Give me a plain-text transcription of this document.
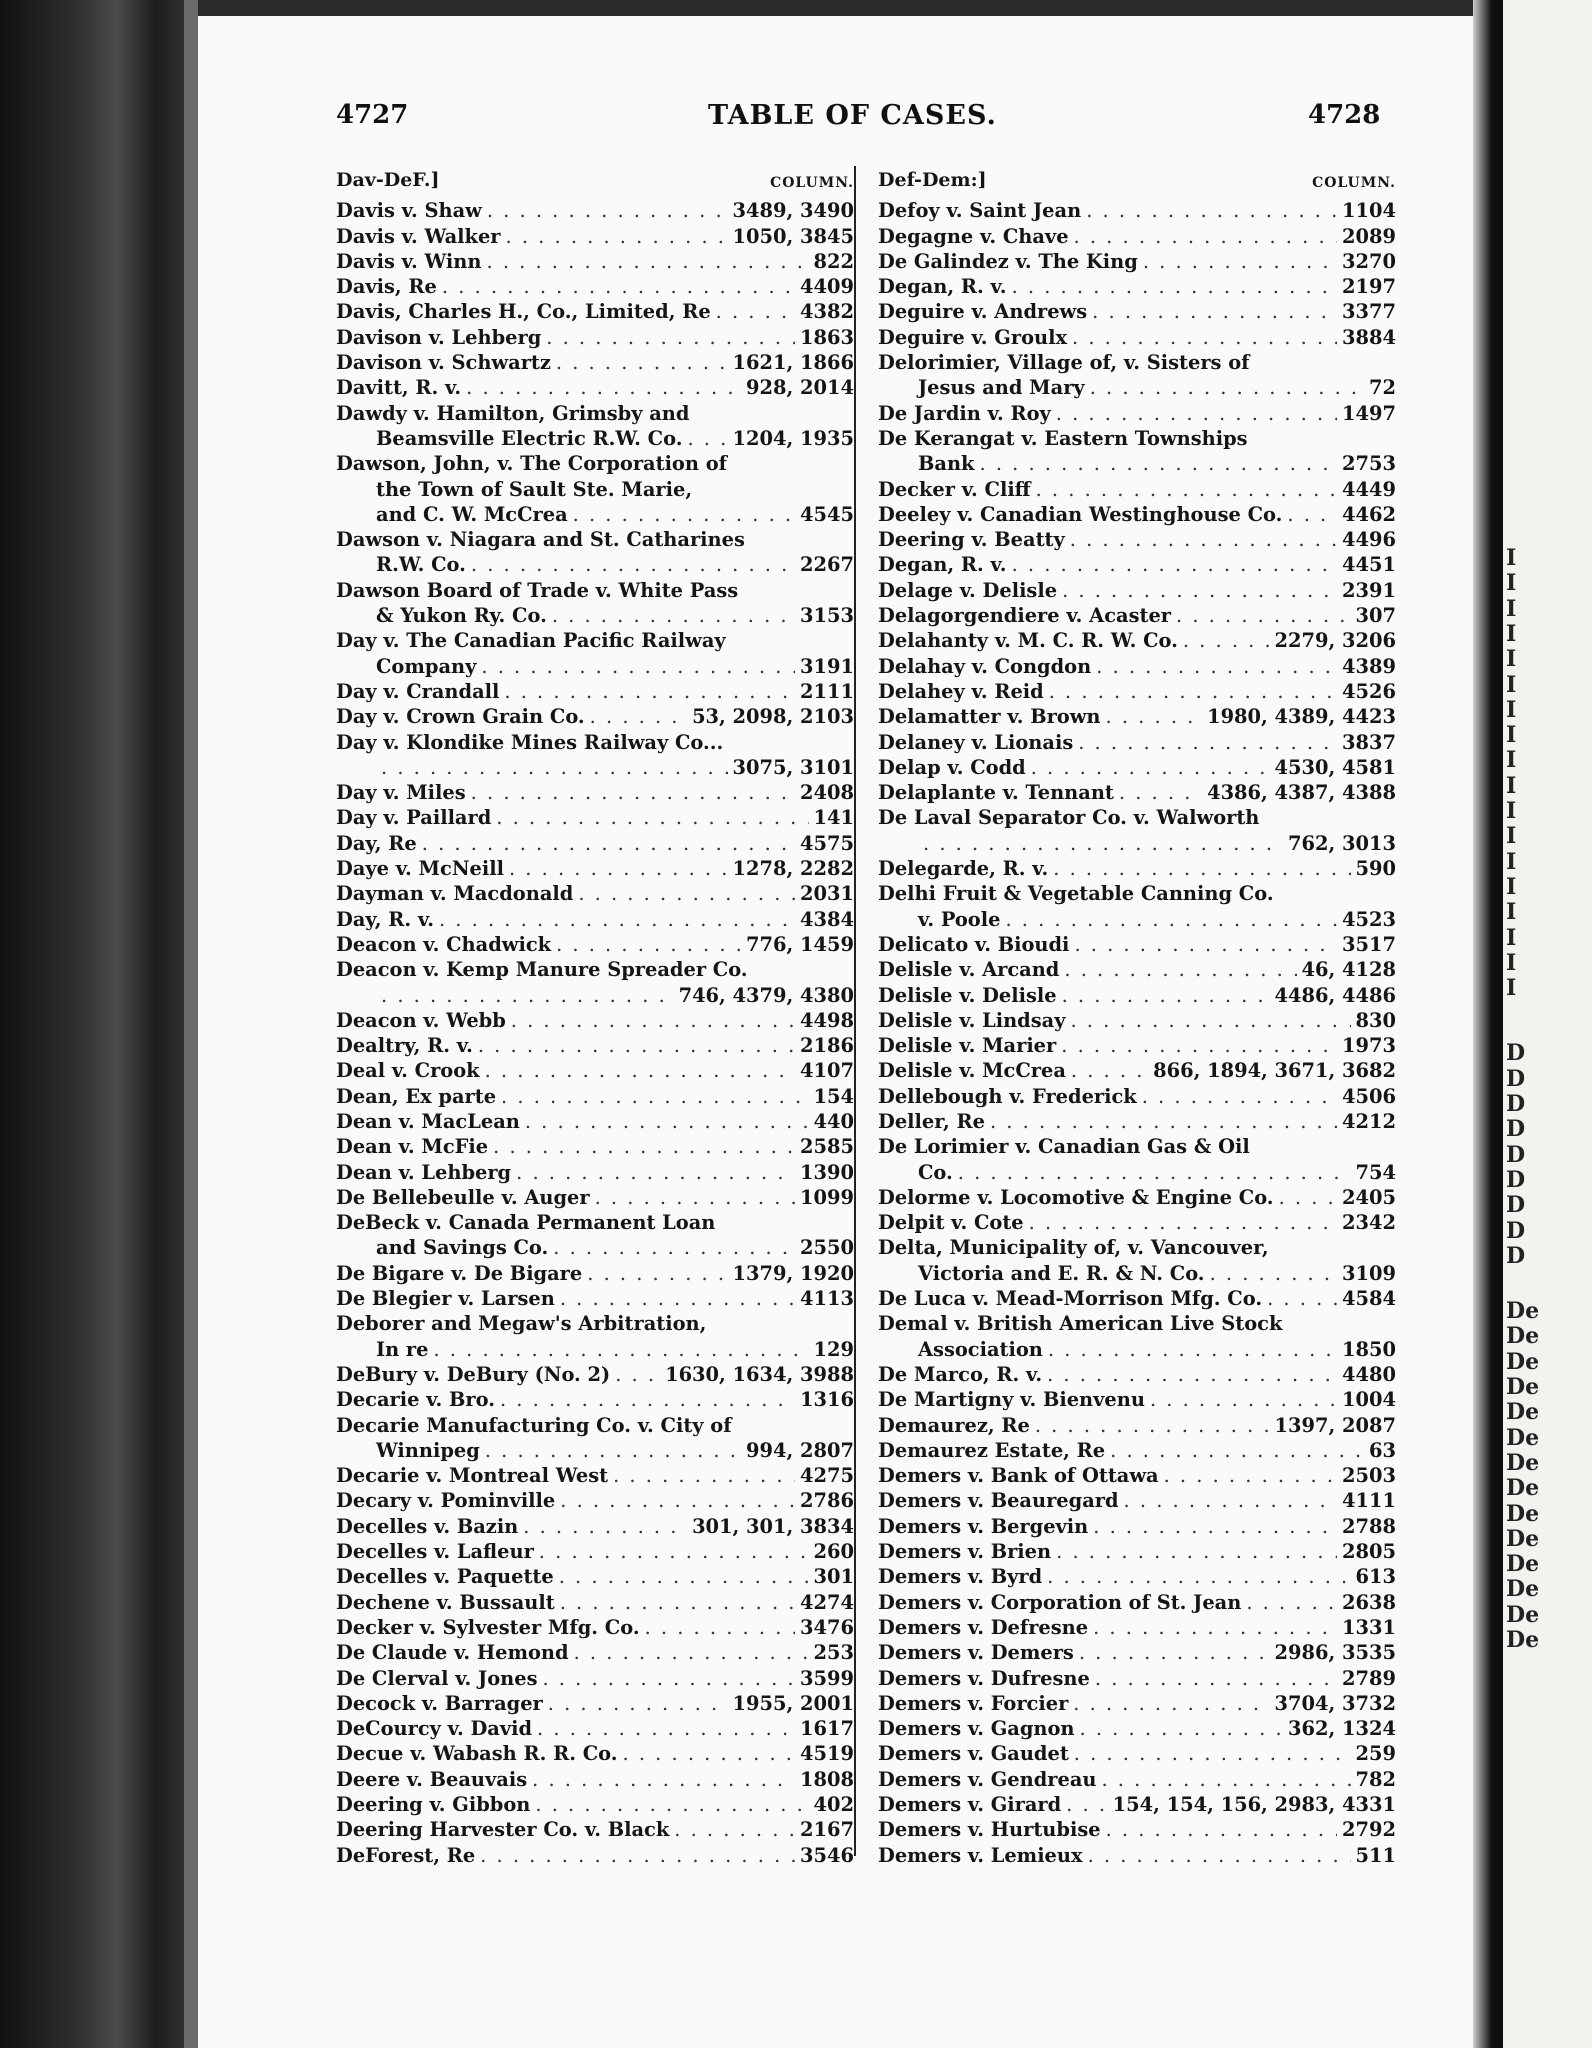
4727	TABLE OF CASES.	4728
Dav-DeF.]	COLUMN.
Davis v. Shaw . . .	3489, 3490
Davis v. Walker . . .	1050, 3845
Davis v. Winn . . .	822
Davis, Re . . .	4409
Davis, Charles H., Co., Limited, Re . . .	4382
Davison v. Lehberg . . .	1863
Davison v. Schwartz . . .	1621, 1866
Davitt, R. v. . . .	928, 2014
Dawdy v. Hamilton, Grimsby and
Beamsville Electric R.W. Co. . . .	1204, 1935
Dawson, John, v. The Corporation of
the Town of Sault Ste. Marie,
and C. W. McCrea . . .	4545
Dawson v. Niagara and St. Catharines
R.W. Co. . . .	2267
Dawson Board of Trade v. White Pass
& Yukon Ry. Co. . . .	3153
Day v. The Canadian Pacific Railway
Company . . .	3191
Day v. Crandall . . .	2111
Day v. Crown Grain Co. . . .	53, 2098, 2103
Day v. Klondike Mines Railway Co...
. . .
3075, 3101
Day v. Miles . . .	2408
Day v. Paillard . . .	141
Day, Re . . .	4575
Daye v. McNeill . . .	1278, 2282
Dayman v. Macdonald . . .	2031
Day, R. v. . . .	4384
Deacon v. Chadwick . . .	776, 1459
Deacon v. Kemp Manure Spreader Co.
. . .
746, 4379, 4380
Deacon v. Webb . . .	4498
Dealtry, R. v. . . .	2186
Deal v. Crook . . .	4107
Dean, Ex parte . . .	154
Dean v. MacLean . . .	440
Dean v. McFie . . .	2585
Dean v. Lehberg . . .	1390
De Bellebeulle v. Auger . . .	1099
DeBeck v. Canada Permanent Loan
and Savings Co. . . .	2550
De Bigare v. De Bigare . . .	1379, 1920
De Blegier v. Larsen . . .	4113
Deborer and Megaw's Arbitration,
In re . . .	129
DeBury v. DeBury (No. 2) . . .	1630, 1634, 3988
Decarie v. Bro. . . .	1316
Decarie Manufacturing Co. v. City of
Winnipeg . . .	994, 2807
Decarie v. Montreal West . . .	4275
Decary v. Pominville . . .	2786
Decelles v. Bazin . . .	301, 301, 3834
Decelles v. Lafleur . . .	260
Decelles v. Paquette . . .	301
Dechene v. Bussault . . .	4274
Decker v. Sylvester Mfg. Co. . . .	3476
De Claude v. Hemond . . .	253
De Clerval v. Jones . . .	3599
Decock v. Barrager . . .	1955, 2001
DeCourcy v. David . . .	1617
Decue v. Wabash R. R. Co. . . .	4519
Deere v. Beauvais . . .	1808
Deering v. Gibbon . . .	402
Deering Harvester Co. v. Black . . .	2167
DeForest, Re . . .	3546
Def-Dem:]	COLUMN.
Defoy v. Saint Jean . . .	1104
Degagne v. Chave . . .	2089
De Galindez v. The King . . .	3270
Degan, R. v. . . .	2197
Deguire v. Andrews . . .	3377
Deguire v. Groulx . . .	3884
Delorimier, Village of, v. Sisters of
Jesus and Mary . . .	72
De Jardin v. Roy . . .	1497
De Kerangat v. Eastern Townships
Bank . . .	2753
Decker v. Cliff . . .	4449
Deeley v. Canadian Westinghouse Co. . . .	4462
Deering v. Beatty . . .	4496
Degan, R. v. . . .	4451
Delage v. Delisle . . .	2391
Delagorgendiere v. Acaster . . .	307
Delahanty v. M. C. R. W. Co. . . .	2279, 3206
Delahay v. Congdon . . .	4389
Delahey v. Reid . . .	4526
Delamatter v. Brown . . .	1980, 4389, 4423
Delaney v. Lionais . . .	3837
Delap v. Codd . . .	4530, 4581
Delaplante v. Tennant . . .	4386, 4387, 4388
De Laval Separator Co. v. Walworth
. . .
762, 3013
Delegarde, R. v. . . .	590
Delhi Fruit & Vegetable Canning Co.
v. Poole . . .	4523
Delicato v. Bioudi . . .	3517
Delisle v. Arcand . . .	46, 4128
Delisle v. Delisle . . .	4486, 4486
Delisle v. Lindsay . . .	830
Delisle v. Marier . . .	1973
Delisle v. McCrea . . .	866, 1894, 3671, 3682
Dellebough v. Frederick . . .	4506
Deller, Re . . .	4212
De Lorimier v. Canadian Gas & Oil
Co. . . .	754
Delorme v. Locomotive & Engine Co. . . .	2405
Delpit v. Cote . . .	2342
Delta, Municipality of, v. Vancouver,
Victoria and E. R. & N. Co. . . .	3109
De Luca v. Mead-Morrison Mfg. Co. . . .	4584
Demal v. British American Live Stock
Association . . .	1850
De Marco, R. v. . . .	4480
De Martigny v. Bienvenu . . .	1004
Demaurez, Re . . .	1397, 2087
Demaurez Estate, Re . . .	63
Demers v. Bank of Ottawa . . .	2503
Demers v. Beauregard . . .	4111
Demers v. Bergevin . . .	2788
Demers v. Brien . . .	2805
Demers v. Byrd . . .	613
Demers v. Corporation of St. Jean . . .	2638
Demers v. Defresne . . .	1331
Demers v. Demers . . .	2986, 3535
Demers v. Dufresne . . .	2789
Demers v. Forcier . . .	3704, 3732
Demers v. Gagnon . . .	362, 1324
Demers v. Gaudet . . .	259
Demers v. Gendreau . . .	782
Demers v. Girard . . .	154, 154, 156, 2983, 4331
Demers v. Hurtubise . . .	2792
Demers v. Lemieux . . .	511
I
I
I
I
I
I
I
I
I
I
I
I
I
I
I
I
I
I
D
D
D
D
D
D
D
D
D
De
De
De
De
De
De
De
De
De
De
De
De
De
De
